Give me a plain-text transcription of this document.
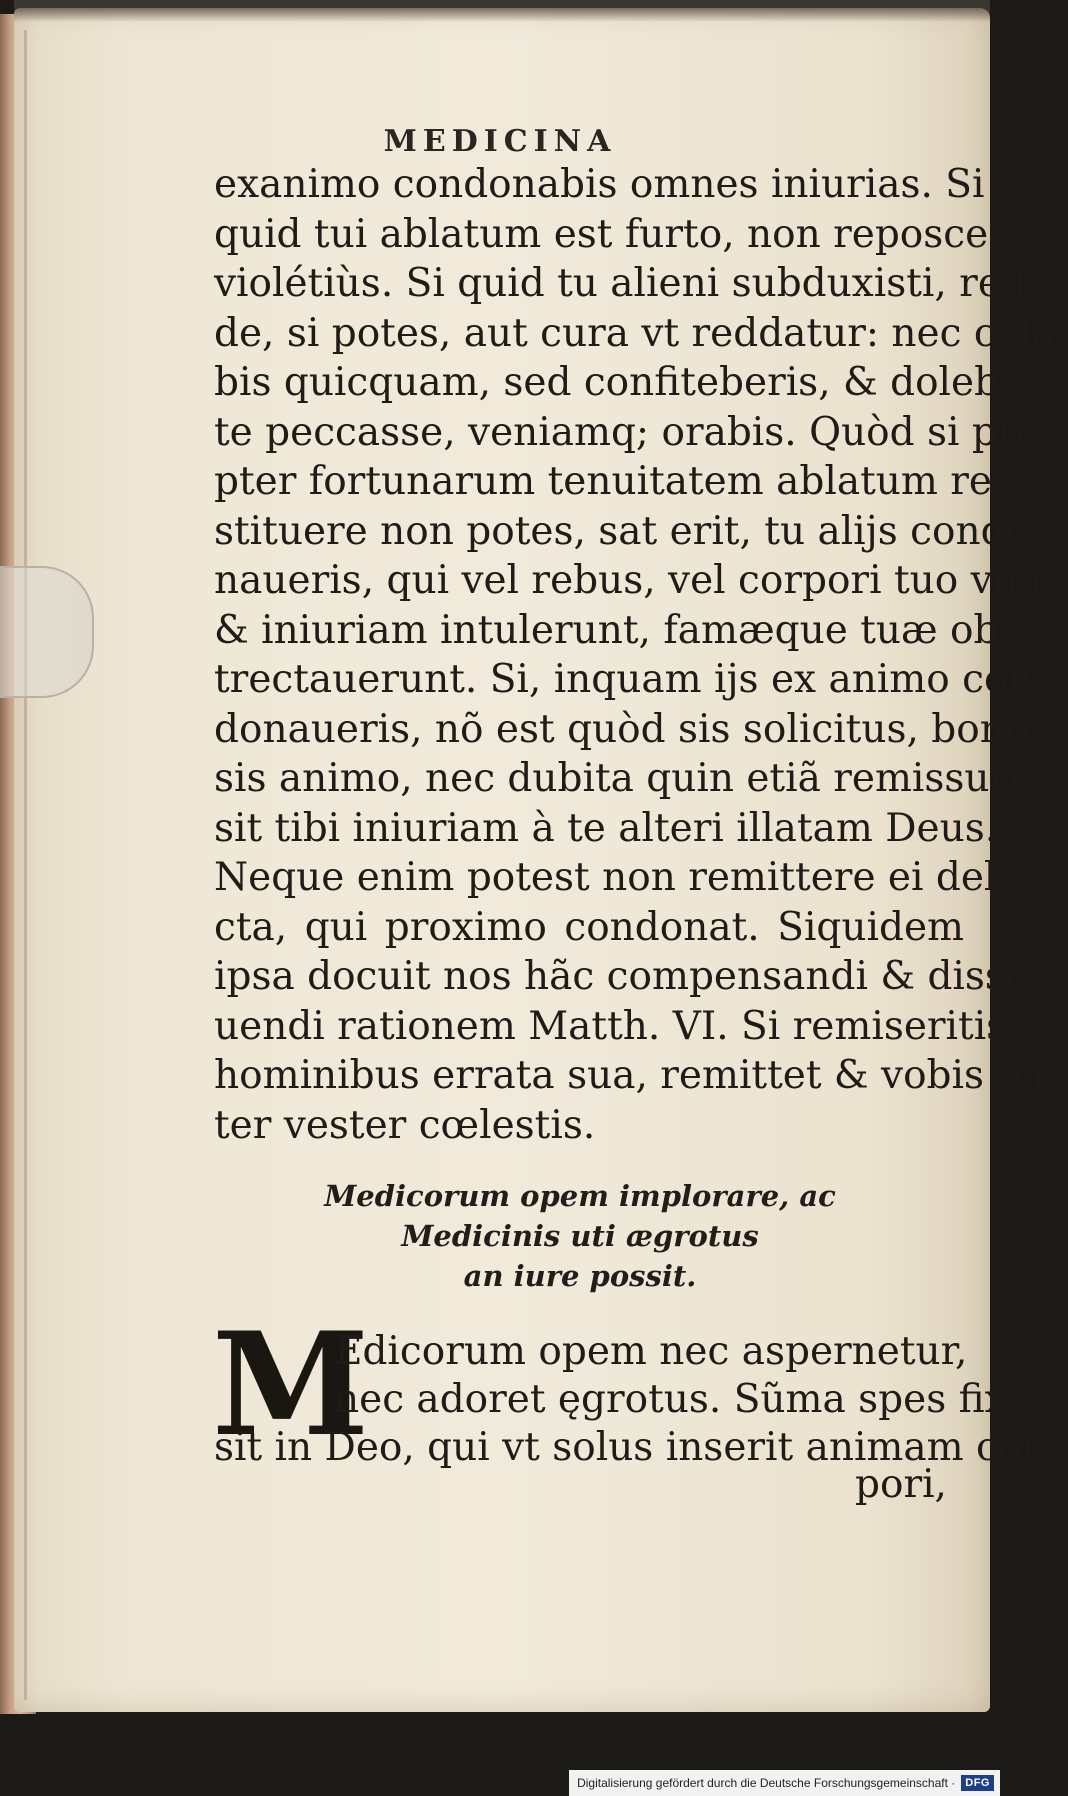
MEDICINA
exanimo condonabis omnes iniurias. Si
quid tui ablatum est furto, non reposces
violétiùs. Si quid tu alieni subduxisti, red-
de, si potes, aut cura vt reddatur: nec cela-
bis quicquam, sed confiteberis, & dolebis
te peccasse, veniamq; orabis. Quòd si pro-
pter fortunarum tenuitatem ablatum re-
stituere non potes, sat erit, tu alijs condo-
naueris, qui vel rebus, vel corpori tuo vim
& iniuriam intulerunt, famæque tuæ ob-
trectauerunt. Si, inquam ijs ex animo con-
donaueris, nõ est quòd sis solicitus, bono
sis animo, nec dubita quin etiã remissurus
sit tibi iniuriam à te alteri illatam Deus.
Neque enim potest non remittere ei deli-
cta, qui proximo condonat. Siquidem
ipsa docuit nos hãc compensandi & dissol
uendi rationem Matth. VI. Si remiseritis
hominibus errata sua, remittet & vobis pa
ter vester cœlestis.
Medicorum opem implorare, ac
Medicinis uti ægrotus
an iure possit.
M
Edicorum opem nec aspernetur,
nec adoret ęgrotus. Sũma spes fixa
sit in Deo, qui vt solus inserit animam cor
pori,
Digitalisierung gefördert durch die Deutsche Forschungsgemeinschaft · DFG
